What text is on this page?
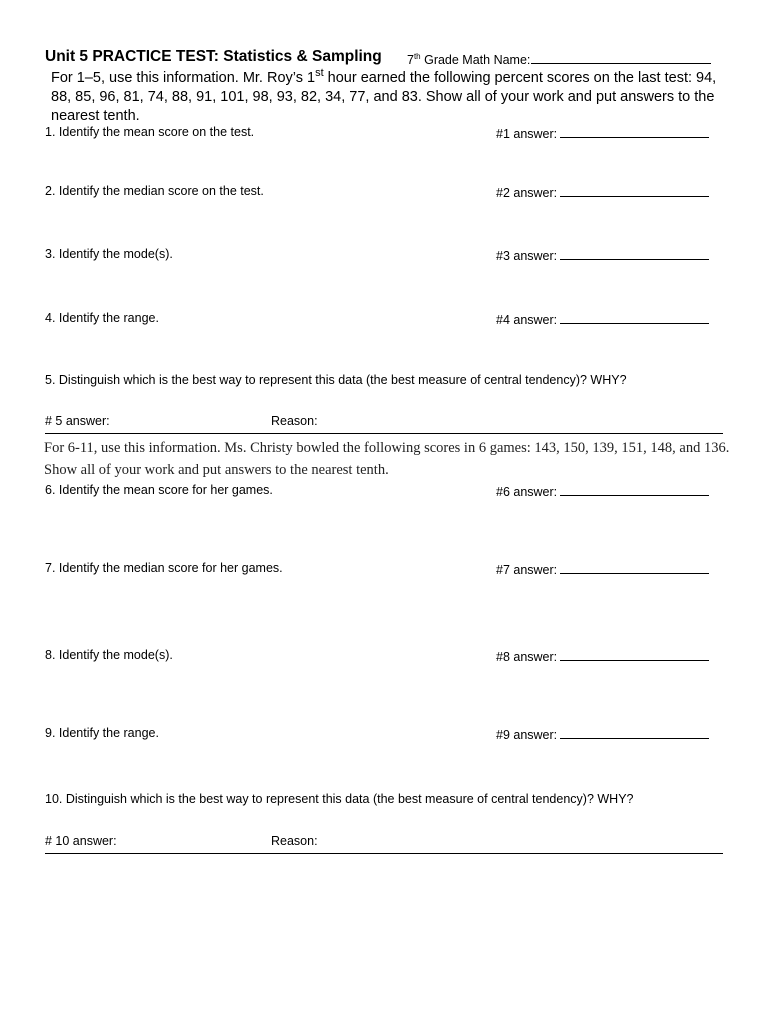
Unit 5 PRACTICE TEST: Statistics & Sampling 7th Grade Math Name:
For 1–5, use this information. Mr. Roy’s 1st hour earned the following percent scores on the last test: 94, 88, 85, 96, 81, 74, 88, 91, 101, 98, 93, 82, 34, 77, and 83. Show all of your work and put answers to the nearest tenth.
1. Identify the mean score on the test.	#1 answer:
2. Identify the median score on the test.	#2 answer:
3. Identify the mode(s).	#3 answer:
4. Identify the range.	#4 answer:
5. Distinguish which is the best way to represent this data (the best measure of central tendency)? WHY?
# 5 answer:	Reason:
For 6-11, use this information. Ms. Christy bowled the following scores in 6 games: 143, 150, 139, 151, 148, and 136. Show all of your work and put answers to the nearest tenth.
6. Identify the mean score for her games.	#6 answer:
7. Identify the median score for her games.	#7 answer:
8. Identify the mode(s).	#8 answer:
9. Identify the range.	#9 answer:
10. Distinguish which is the best way to represent this data (the best measure of central tendency)? WHY?
# 10 answer:	Reason:
